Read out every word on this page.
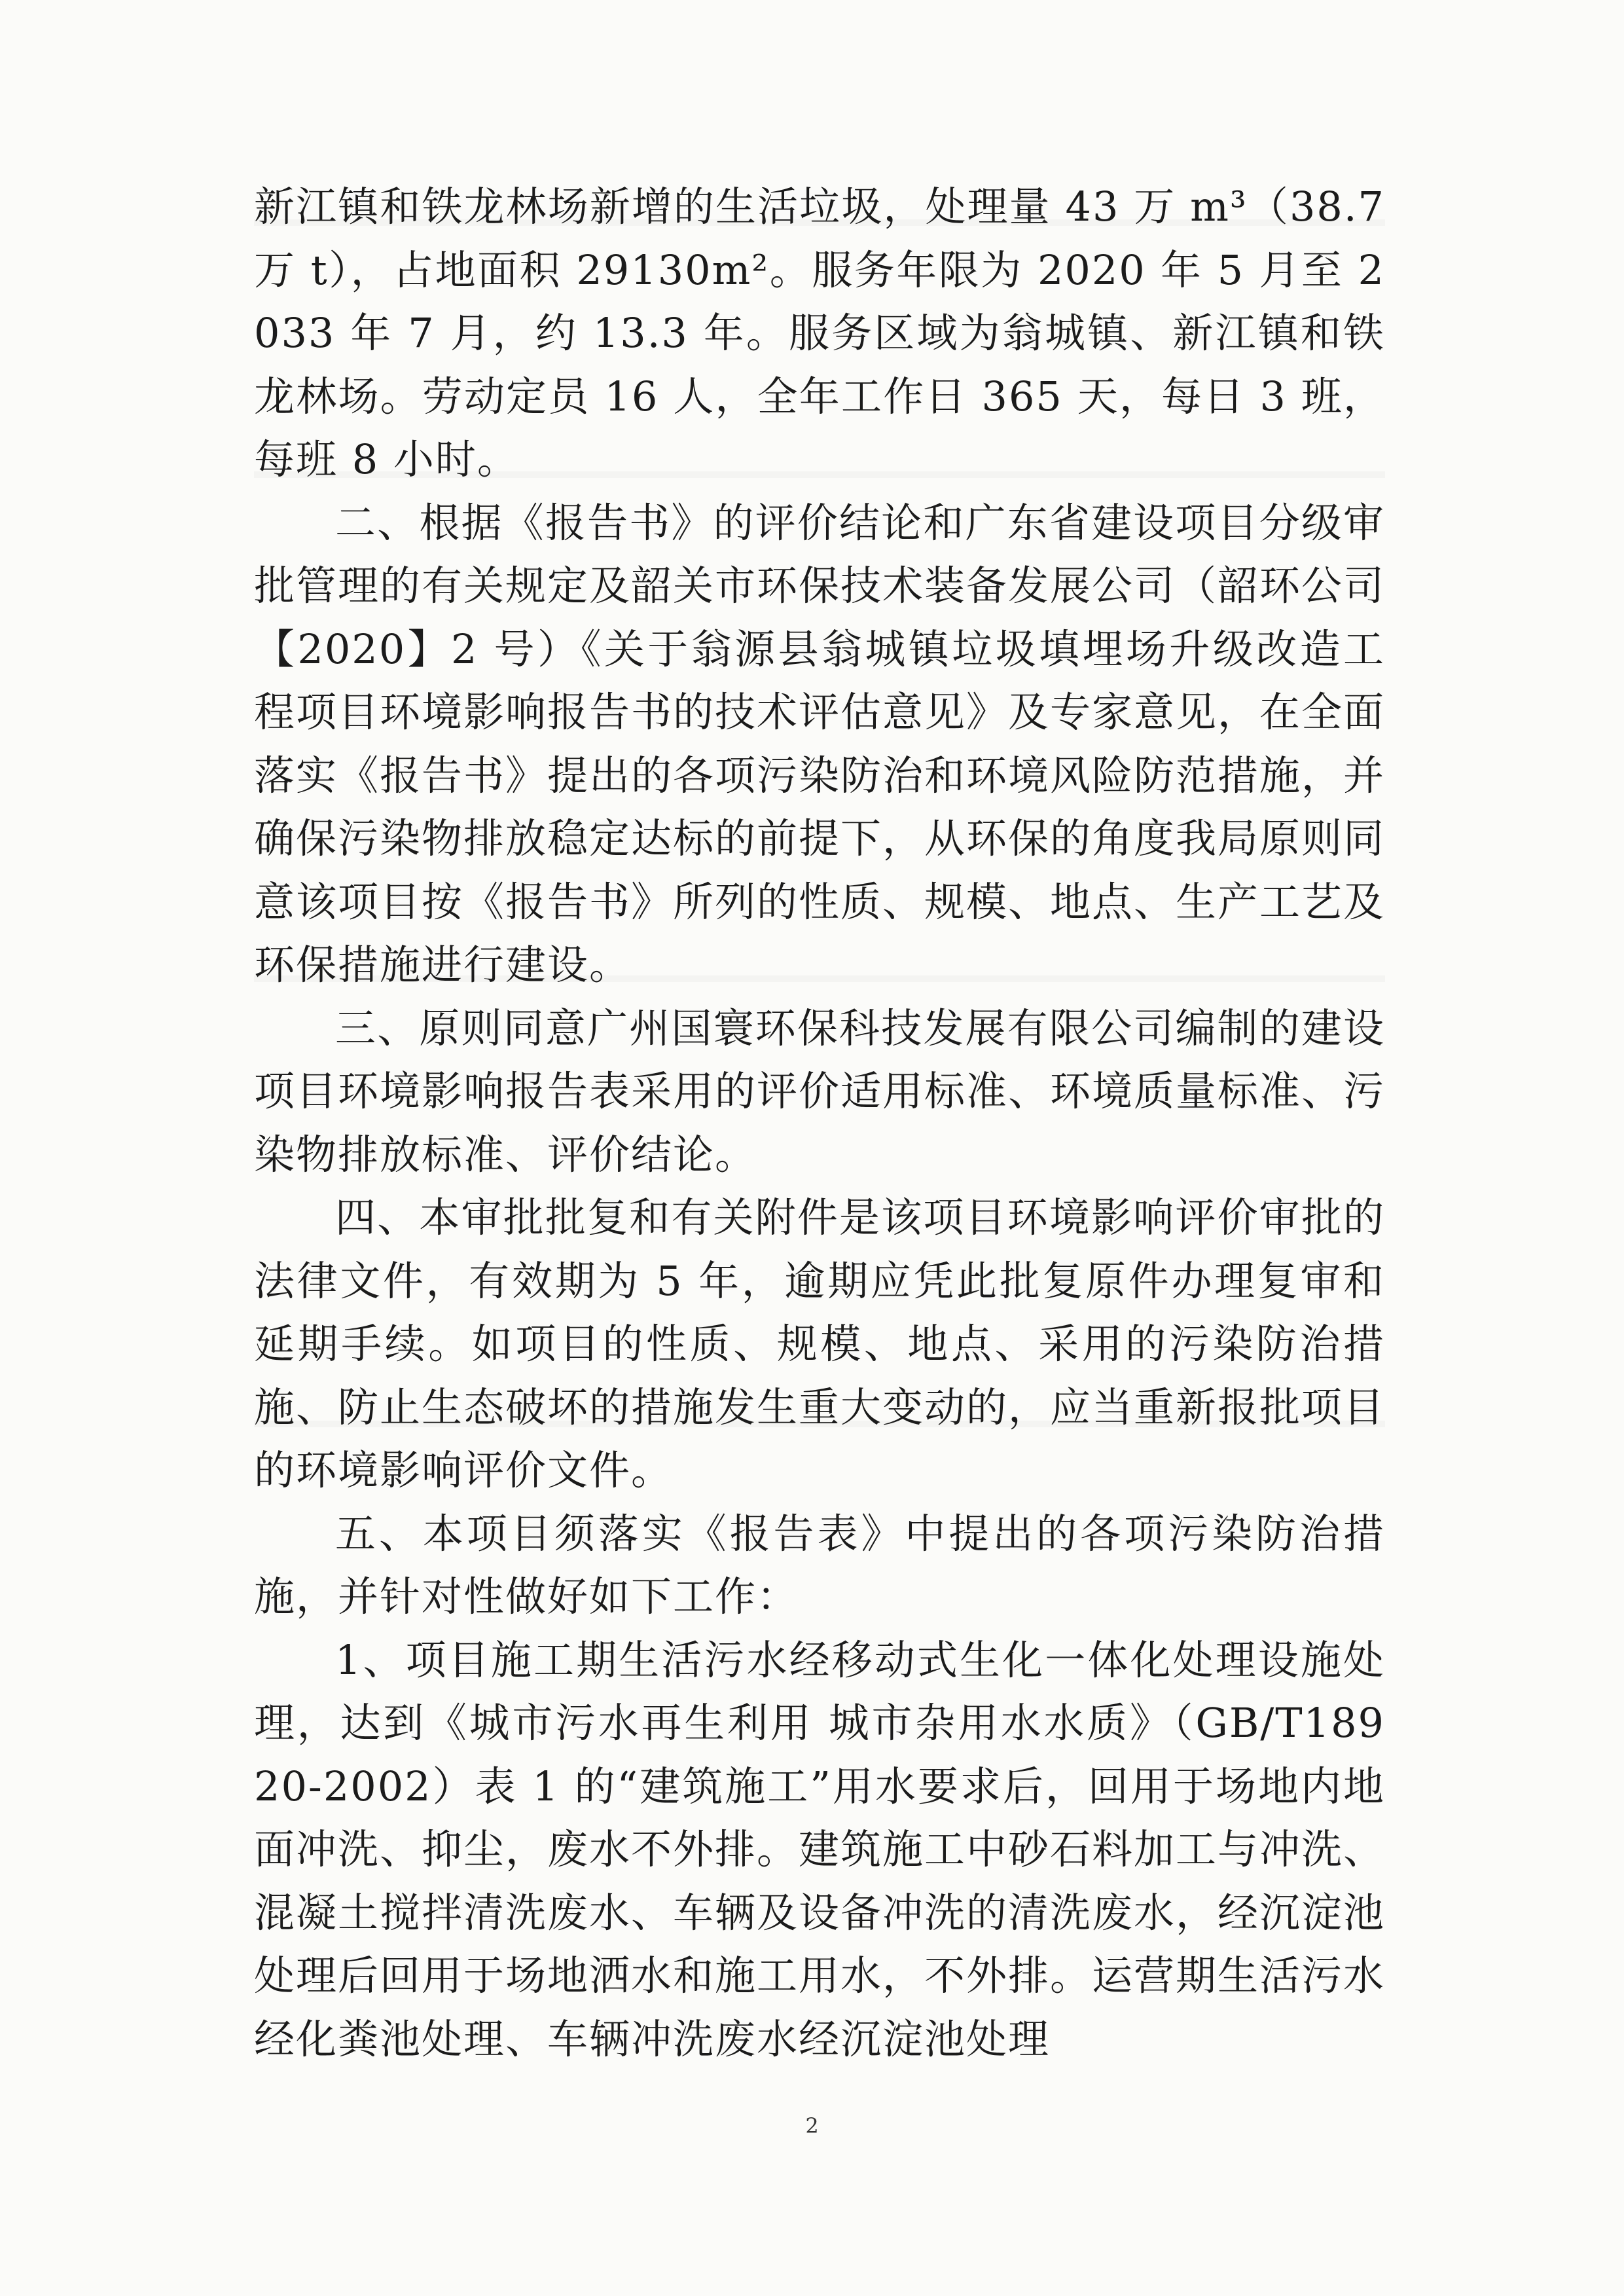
新江镇和铁龙林场新增的生活垃圾，处理量 43 万 m³（38.7 万 t），占地面积 29130m²。服务年限为 2020 年 5 月至 2033 年 7 月，约 13.3 年。服务区域为翁城镇、新江镇和铁龙林场。劳动定员 16 人，全年工作日 365 天，每日 3 班，每班 8 小时。

二、根据《报告书》的评价结论和广东省建设项目分级审批管理的有关规定及韶关市环保技术装备发展公司（韶环公司【2020】2 号）《关于翁源县翁城镇垃圾填埋场升级改造工程项目环境影响报告书的技术评估意见》及专家意见，在全面落实《报告书》提出的各项污染防治和环境风险防范措施，并确保污染物排放稳定达标的前提下，从环保的角度我局原则同意该项目按《报告书》所列的性质、规模、地点、生产工艺及环保措施进行建设。

三、原则同意广州国寰环保科技发展有限公司编制的建设项目环境影响报告表采用的评价适用标准、环境质量标准、污染物排放标准、评价结论。

四、本审批批复和有关附件是该项目环境影响评价审批的法律文件，有效期为 5 年，逾期应凭此批复原件办理复审和延期手续。如项目的性质、规模、地点、采用的污染防治措施、防止生态破坏的措施发生重大变动的，应当重新报批项目的环境影响评价文件。

五、本项目须落实《报告表》中提出的各项污染防治措施，并针对性做好如下工作：

1、项目施工期生活污水经移动式生化一体化处理设施处理，达到《城市污水再生利用 城市杂用水水质》（GB/T18920-2002）表 1 的“建筑施工”用水要求后，回用于场地内地面冲洗、抑尘，废水不外排。建筑施工中砂石料加工与冲洗、混凝土搅拌清洗废水、车辆及设备冲洗的清洗废水，经沉淀池处理后回用于场地洒水和施工用水，不外排。运营期生活污水经化粪池处理、车辆冲洗废水经沉淀池处理

2
